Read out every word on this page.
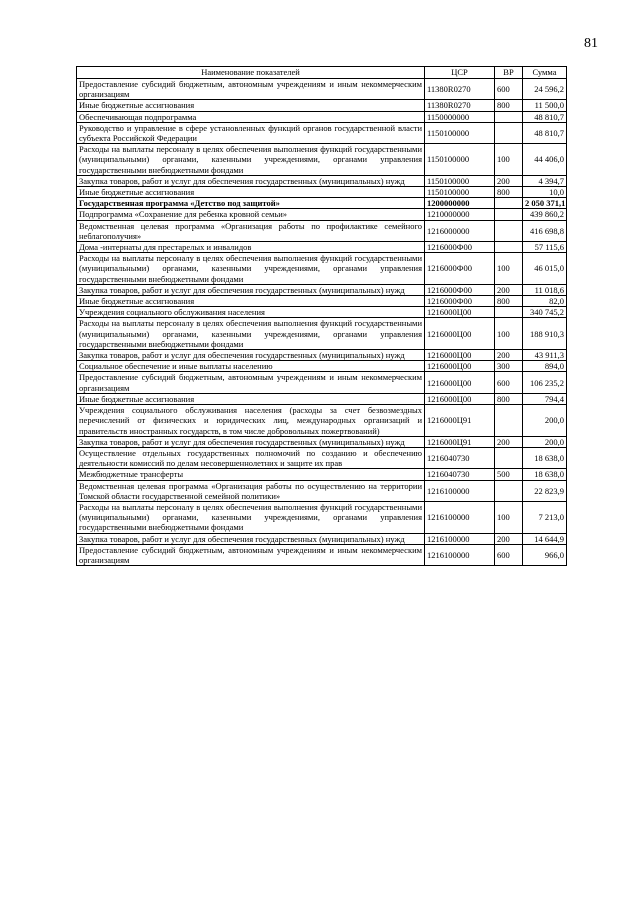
81
Наименование показателей	ЦСР	ВР	Сумма
Предоставление субсидий бюджетным, автономным учреждениям и иным некоммерческим организациям	11380R0270	600	24 596,2
Иные бюджетные ассигнования	11380R0270	800	11 500,0
Обеспечивающая подпрограмма	1150000000		48 810,7
Руководство и управление в сфере установленных функций органов государственной власти субъекта Российской Федерации	1150100000		48 810,7
Расходы на выплаты персоналу в целях обеспечения выполнения функций государственными (муниципальными) органами, казенными учреждениями, органами управления государственными внебюджетными фондами	1150100000	100	44 406,0
Закупка товаров, работ и услуг для обеспечения государственных (муниципальных) нужд	1150100000	200	4 394,7
Иные бюджетные ассигнования	1150100000	800	10,0
Государственная программа «Детство под защитой»	1200000000		2 050 371,1
Подпрограмма «Сохранение для ребенка кровной семьи»	1210000000		439 860,2
Ведомственная целевая программа «Организация работы по профилактике семейного неблагополучия»	1216000000		416 698,8
Дома -интернаты для престарелых и инвалидов	1216000Ф00		57 115,6
Расходы на выплаты персоналу в целях обеспечения выполнения функций государственными (муниципальными) органами, казенными учреждениями, органами управления государственными внебюджетными фондами	1216000Ф00	100	46 015,0
Закупка товаров, работ и услуг для обеспечения государственных (муниципальных) нужд	1216000Ф00	200	11 018,6
Иные бюджетные ассигнования	1216000Ф00	800	82,0
Учреждения социального обслуживания населения	1216000Ц00		340 745,2
Расходы на выплаты персоналу в целях обеспечения выполнения функций государственными (муниципальными) органами, казенными учреждениями, органами управления государственными внебюджетными фондами	1216000Ц00	100	188 910,3
Закупка товаров, работ и услуг для обеспечения государственных (муниципальных) нужд	1216000Ц00	200	43 911,3
Социальное обеспечение и иные выплаты населению	1216000Ц00	300	894,0
Предоставление субсидий бюджетным, автономным учреждениям и иным некоммерческим организациям	1216000Ц00	600	106 235,2
Иные бюджетные ассигнования	1216000Ц00	800	794,4
Учреждения социального обслуживания населения (расходы за счет безвозмездных перечислений от физических и юридических лиц, международных организаций и правительств иностранных государств, в том числе добровольных пожертвований)	1216000Ц91		200,0
Закупка товаров, работ и услуг для обеспечения государственных (муниципальных) нужд	1216000Ц91	200	200,0
Осуществление отдельных государственных полномочий по созданию и обеспечению деятельности комиссий по делам несовершеннолетних и защите их прав	1216040730		18 638,0
Межбюджетные трансферты	1216040730	500	18 638,0
Ведомственная целевая программа «Организация работы по осуществлению на территории Томской области государственной семейной политики»	1216100000		22 823,9
Расходы на выплаты персоналу в целях обеспечения выполнения функций государственными (муниципальными) органами, казенными учреждениями, органами управления государственными внебюджетными фондами	1216100000	100	7 213,0
Закупка товаров, работ и услуг для обеспечения государственных (муниципальных) нужд	1216100000	200	14 644,9
Предоставление субсидий бюджетным, автономным учреждениям и иным некоммерческим организациям	1216100000	600	966,0
